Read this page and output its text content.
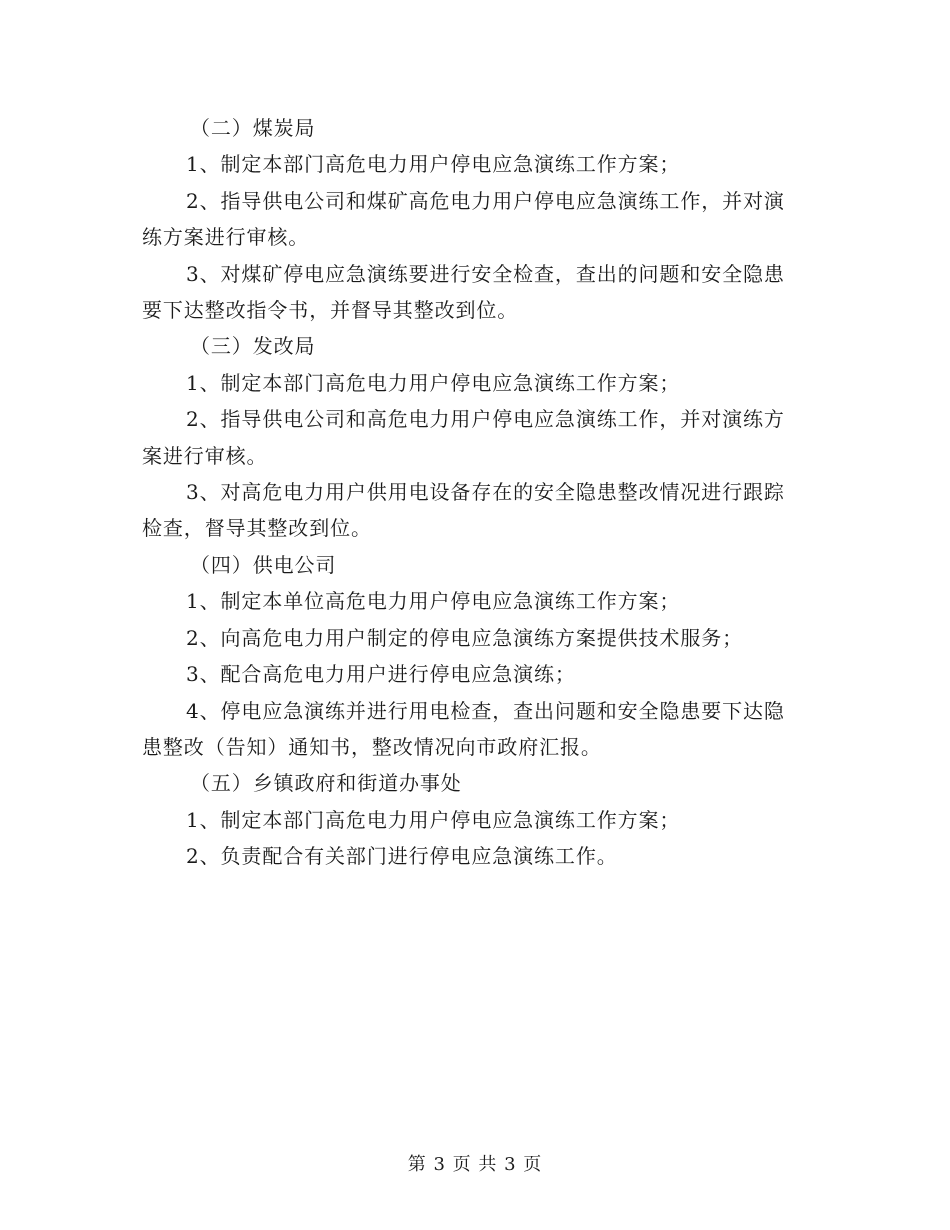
（二）煤炭局
1、制定本部门高危电力用户停电应急演练工作方案；
2、指导供电公司和煤矿高危电力用户停电应急演练工作，并对演
练方案进行审核。
3、对煤矿停电应急演练要进行安全检查，查出的问题和安全隐患
要下达整改指令书，并督导其整改到位。
（三）发改局
1、制定本部门高危电力用户停电应急演练工作方案；
2、指导供电公司和高危电力用户停电应急演练工作，并对演练方
案进行审核。
3、对高危电力用户供用电设备存在的安全隐患整改情况进行跟踪
检查，督导其整改到位。
（四）供电公司
1、制定本单位高危电力用户停电应急演练工作方案；
2、向高危电力用户制定的停电应急演练方案提供技术服务；
3、配合高危电力用户进行停电应急演练；
4、停电应急演练并进行用电检查，查出问题和安全隐患要下达隐
患整改（告知）通知书，整改情况向市政府汇报。
（五）乡镇政府和街道办事处
1、制定本部门高危电力用户停电应急演练工作方案；
2、负责配合有关部门进行停电应急演练工作。
第 3 页 共 3 页
